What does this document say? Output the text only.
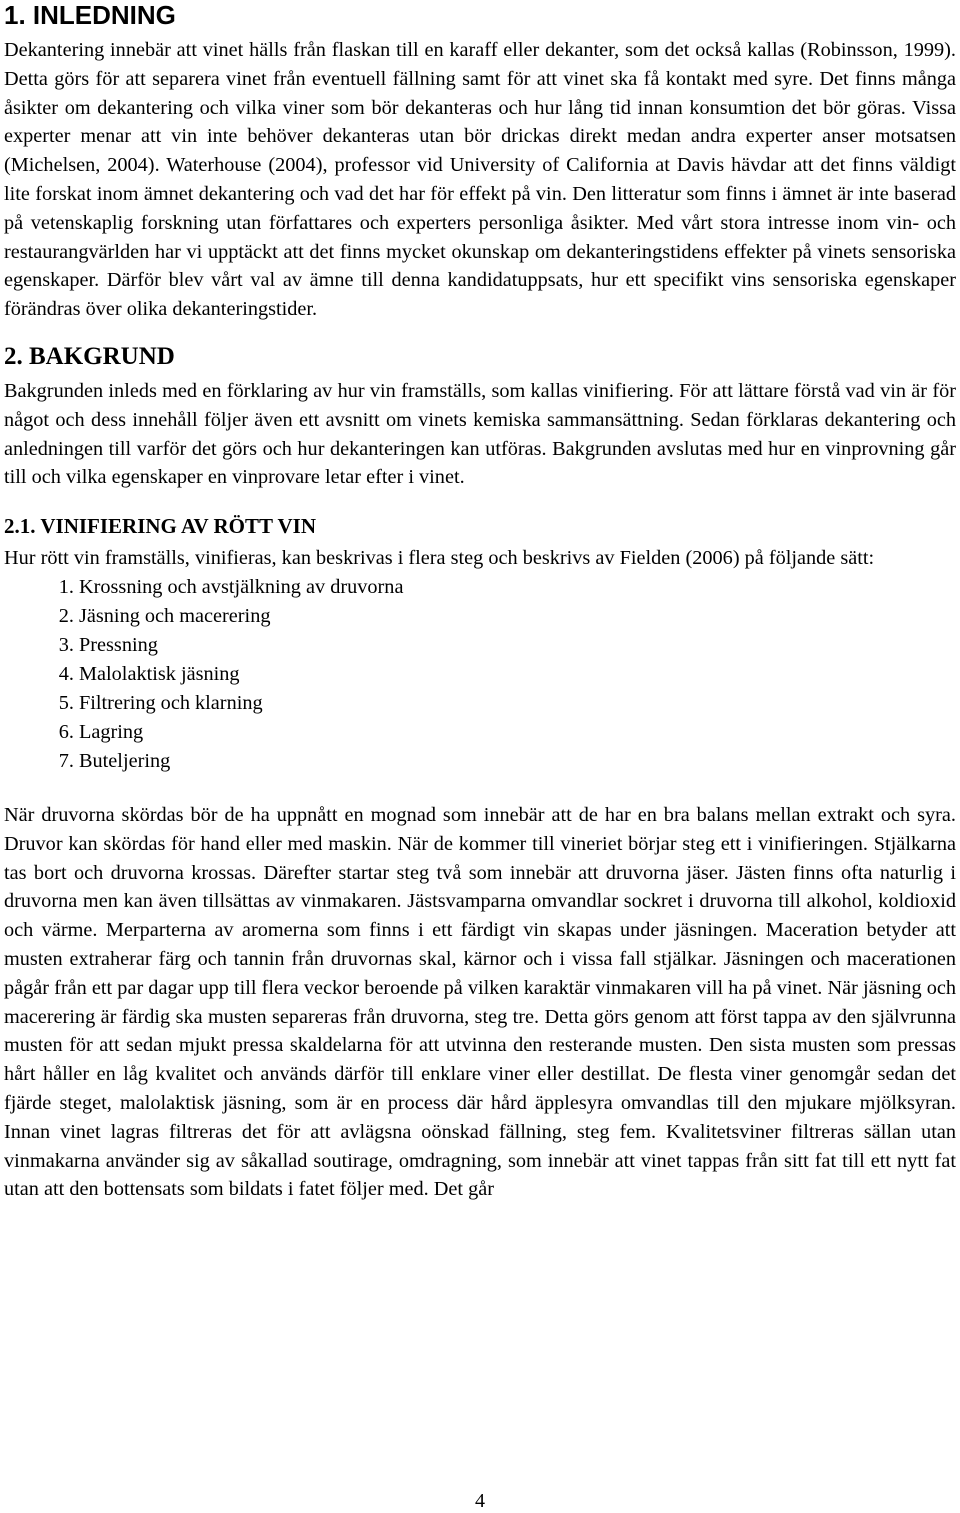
1. INLEDNING

Dekantering innebär att vinet hälls från flaskan till en karaff eller dekanter, som det också kallas (Robinsson, 1999). Detta görs för att separera vinet från eventuell fällning samt för att vinet ska få kontakt med syre. Det finns många åsikter om dekantering och vilka viner som bör dekanteras och hur lång tid innan konsumtion det bör göras. Vissa experter menar att vin inte behöver dekanteras utan bör drickas direkt medan andra experter anser motsatsen (Michelsen, 2004). Waterhouse (2004), professor vid University of California at Davis hävdar att det finns väldigt lite forskat inom ämnet dekantering och vad det har för effekt på vin. Den litteratur som finns i ämnet är inte baserad på vetenskaplig forskning utan författares och experters personliga åsikter. Med vårt stora intresse inom vin- och restaurangvärlden har vi upptäckt att det finns mycket okunskap om dekanteringstidens effekter på vinets sensoriska egenskaper. Därför blev vårt val av ämne till denna kandidatuppsats, hur ett specifikt vins sensoriska egenskaper förändras över olika dekanteringstider.

2. BAKGRUND

Bakgrunden inleds med en förklaring av hur vin framställs, som kallas vinifiering. För att lättare förstå vad vin är för något och dess innehåll följer även ett avsnitt om vinets kemiska sammansättning. Sedan förklaras dekantering och anledningen till varför det görs och hur dekanteringen kan utföras. Bakgrunden avslutas med hur en vinprovning går till och vilka egenskaper en vinprovare letar efter i vinet.

2.1. VINIFIERING AV RÖTT VIN

Hur rött vin framställs, vinifieras, kan beskrivas i flera steg och beskrivs av Fielden (2006) på följande sätt:

1. Krossning och avstjälkning av druvorna
2. Jäsning och macerering
3. Pressning
4. Malolaktisk jäsning
5. Filtrering och klarning
6. Lagring
7. Buteljering

När druvorna skördas bör de ha uppnått en mognad som innebär att de har en bra balans mellan extrakt och syra. Druvor kan skördas för hand eller med maskin. När de kommer till vineriet börjar steg ett i vinifieringen. Stjälkarna tas bort och druvorna krossas. Därefter startar steg två som innebär att druvorna jäser. Jästen finns ofta naturlig i druvorna men kan även tillsättas av vinmakaren. Jästsvamparna omvandlar sockret i druvorna till alkohol, koldioxid och värme. Merparterna av aromerna som finns i ett färdigt vin skapas under jäsningen. Maceration betyder att musten extraherar färg och tannin från druvornas skal, kärnor och i vissa fall stjälkar. Jäsningen och macerationen pågår från ett par dagar upp till flera veckor beroende på vilken karaktär vinmakaren vill ha på vinet. När jäsning och macerering är färdig ska musten separeras från druvorna, steg tre. Detta görs genom att först tappa av den självrunna musten för att sedan mjukt pressa skaldelarna för att utvinna den resterande musten. Den sista musten som pressas hårt håller en låg kvalitet och används därför till enklare viner eller destillat. De flesta viner genomgår sedan det fjärde steget, malolaktisk jäsning, som är en process där hård äpplesyra omvandlas till den mjukare mjölksyran. Innan vinet lagras filtreras det för att avlägsna oönskad fällning, steg fem. Kvalitetsviner filtreras sällan utan vinmakarna använder sig av såkallad soutirage, omdragning, som innebär att vinet tappas från sitt fat till ett nytt fat utan att den bottensats som bildats i fatet följer med. Det går

4
